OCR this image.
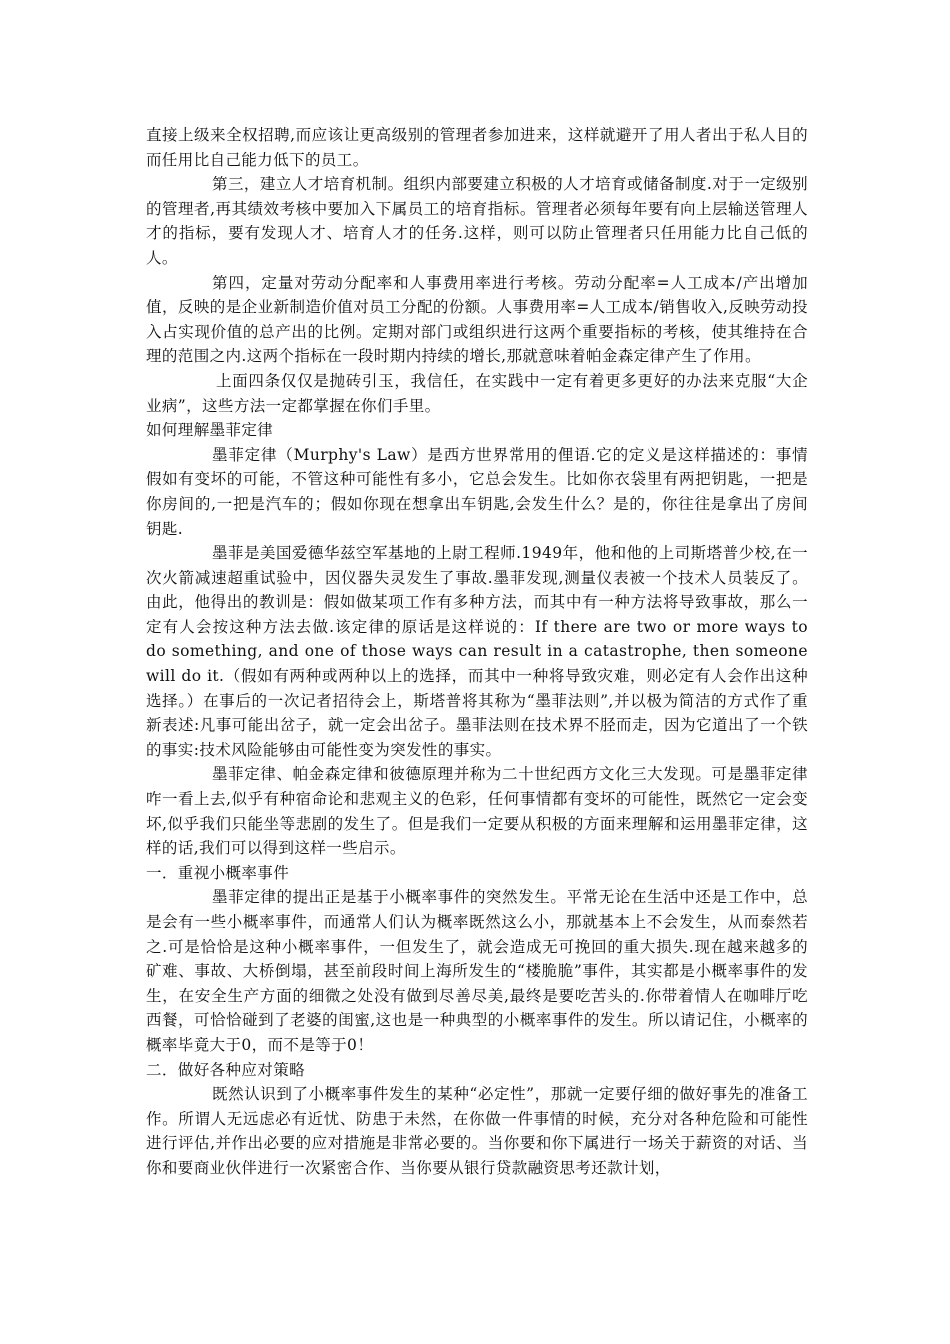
直接上级来全权招聘,而应该让更高级别的管理者参加进来，这样就避开了用人者出于私人目的而任用比自己能力低下的员工。

第三，建立人才培育机制。组织内部要建立积极的人才培育或储备制度.对于一定级别的管理者,再其绩效考核中要加入下属员工的培育指标。管理者必须每年要有向上层输送管理人才的指标，要有发现人才、培育人才的任务.这样，则可以防止管理者只任用能力比自己低的人。

第四，定量对劳动分配率和人事费用率进行考核。劳动分配率=人工成本/产出增加值，反映的是企业新制造价值对员工分配的份额。人事费用率=人工成本/销售收入,反映劳动投入占实现价值的总产出的比例。定期对部门或组织进行这两个重要指标的考核，使其维持在合理的范围之内.这两个指标在一段时期内持续的增长,那就意味着帕金森定律产生了作用。

上面四条仅仅是抛砖引玉，我信任，在实践中一定有着更多更好的办法来克服“大企业病”，这些方法一定都掌握在你们手里。

如何理解墨菲定律

墨菲定律（Murphy's Law）是西方世界常用的俚语.它的定义是这样描述的：事情假如有变坏的可能，不管这种可能性有多小，它总会发生。比如你衣袋里有两把钥匙，一把是你房间的,一把是汽车的；假如你现在想拿出车钥匙,会发生什么？是的，你往往是拿出了房间钥匙.

墨菲是美国爱德华兹空军基地的上尉工程师.1949年，他和他的上司斯塔普少校,在一次火箭减速超重试验中，因仪器失灵发生了事故.墨菲发现,测量仪表被一个技术人员装反了。由此，他得出的教训是：假如做某项工作有多种方法，而其中有一种方法将导致事故，那么一定有人会按这种方法去做.该定律的原话是这样说的：If there are two or more ways to do something, and one of those ways can result in a catastrophe, then someone will do it.（假如有两种或两种以上的选择，而其中一种将导致灾难，则必定有人会作出这种选择。）在事后的一次记者招待会上，斯塔普将其称为“墨菲法则”,并以极为简洁的方式作了重新表述:凡事可能出岔子，就一定会出岔子。墨菲法则在技术界不胫而走，因为它道出了一个铁的事实:技术风险能够由可能性变为突发性的事实。

墨菲定律、帕金森定律和彼德原理并称为二十世纪西方文化三大发现。可是墨菲定律咋一看上去,似乎有种宿命论和悲观主义的色彩，任何事情都有变坏的可能性，既然它一定会变坏,似乎我们只能坐等悲剧的发生了。但是我们一定要从积极的方面来理解和运用墨菲定律，这样的话,我们可以得到这样一些启示。

一．重视小概率事件

墨菲定律的提出正是基于小概率事件的突然发生。平常无论在生活中还是工作中，总是会有一些小概率事件，而通常人们认为概率既然这么小，那就基本上不会发生，从而泰然若之.可是恰恰是这种小概率事件，一但发生了，就会造成无可挽回的重大损失.现在越来越多的矿难、事故、大桥倒塌，甚至前段时间上海所发生的“楼脆脆”事件，其实都是小概率事件的发生，在安全生产方面的细微之处没有做到尽善尽美,最终是要吃苦头的.你带着情人在咖啡厅吃西餐，可恰恰碰到了老婆的闺蜜,这也是一种典型的小概率事件的发生。所以请记住，小概率的概率毕竟大于0，而不是等于0！

二．做好各种应对策略

既然认识到了小概率事件发生的某种“必定性”，那就一定要仔细的做好事先的准备工作。所谓人无远虑必有近忧、防患于未然，在你做一件事情的时候，充分对各种危险和可能性进行评估,并作出必要的应对措施是非常必要的。当你要和你下属进行一场关于薪资的对话、当你和要商业伙伴进行一次紧密合作、当你要从银行贷款融资思考还款计划，
